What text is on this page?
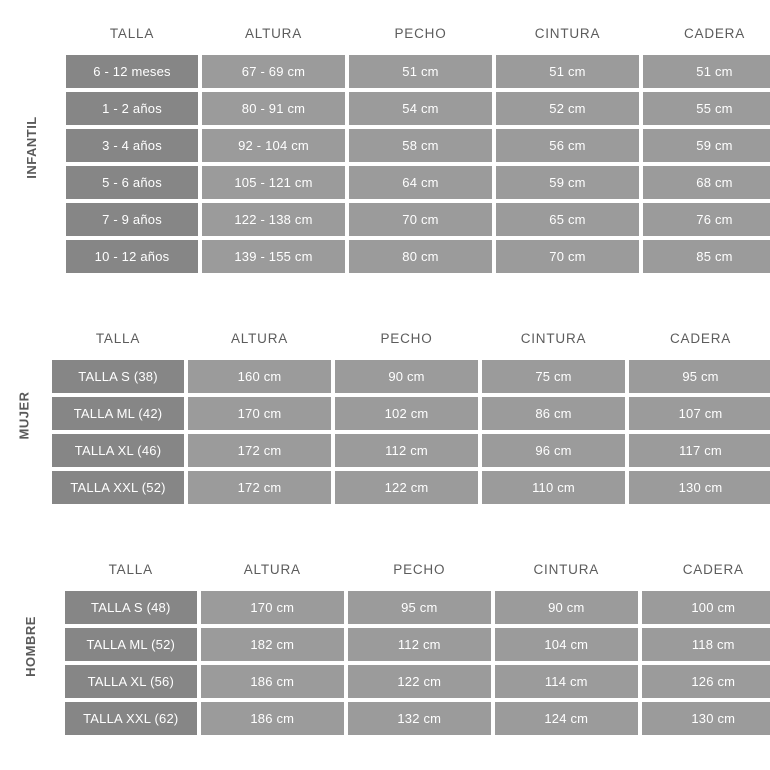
INFANTIL
TALLA	ALTURA	PECHO	CINTURA	CADERA
6 - 12 meses	67 - 69 cm	51 cm	51 cm	51 cm
1 - 2 años	80 - 91 cm	54 cm	52 cm	55 cm
3 - 4 años	92 - 104 cm	58 cm	56 cm	59 cm
5 - 6 años	105 - 121 cm	64 cm	59 cm	68 cm
7 - 9 años	122 - 138 cm	70 cm	65 cm	76 cm
10 - 12 años	139 - 155 cm	80 cm	70 cm	85 cm
MUJER
TALLA	ALTURA	PECHO	CINTURA	CADERA
TALLA S (38)	160 cm	90 cm	75 cm	95 cm
TALLA ML (42)	170 cm	102 cm	86 cm	107 cm
TALLA XL (46)	172 cm	112 cm	96 cm	117 cm
TALLA XXL (52)	172 cm	122 cm	110 cm	130 cm
HOMBRE
TALLA	ALTURA	PECHO	CINTURA	CADERA
TALLA S (48)	170 cm	95 cm	90 cm	100 cm
TALLA ML (52)	182 cm	112 cm	104 cm	118 cm
TALLA XL (56)	186 cm	122 cm	114 cm	126 cm
TALLA XXL (62)	186 cm	132 cm	124 cm	130 cm
